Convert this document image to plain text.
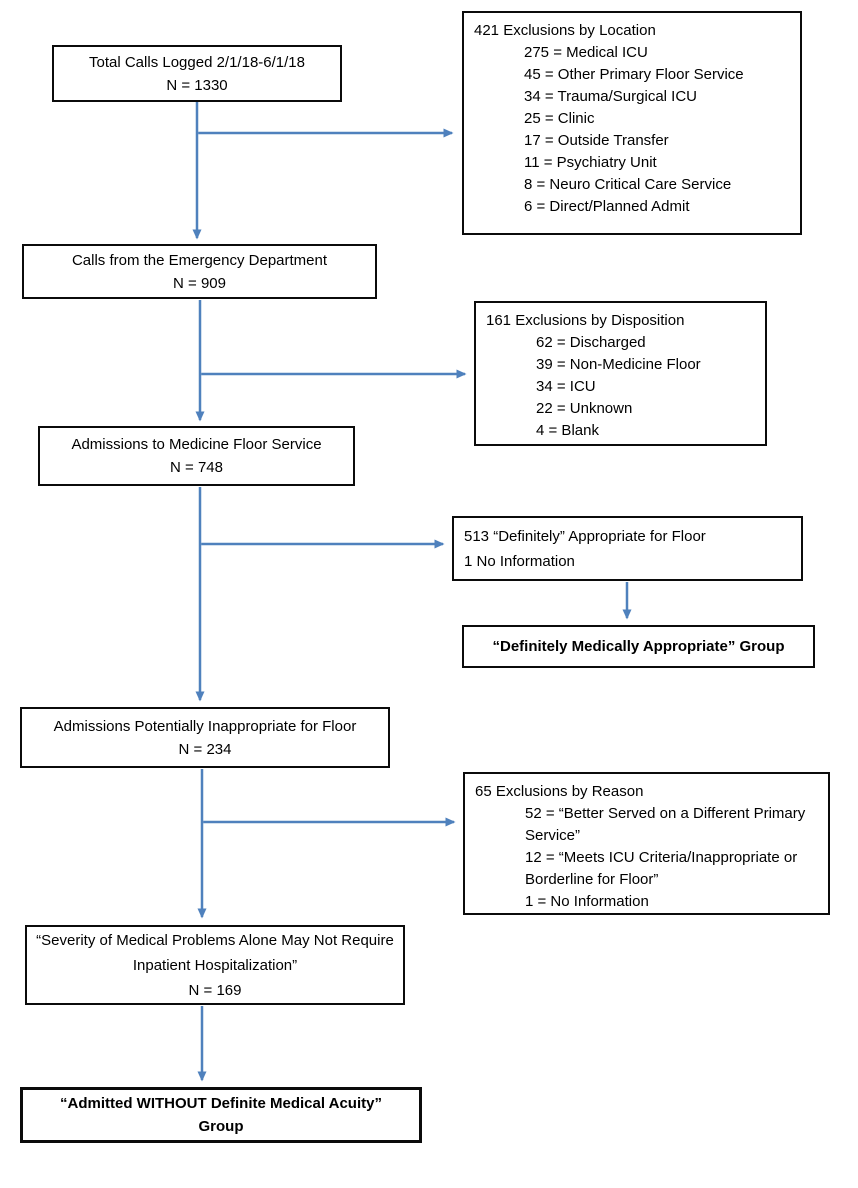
Total Calls Logged 2/1/18-6/1/18
N = 1330
Calls from the Emergency Department
N = 909
Admissions to Medicine Floor Service
N = 748
Admissions Potentially Inappropriate for Floor
N = 234
“Severity of Medical Problems Alone May Not Require Inpatient Hospitalization”
N = 169
“Admitted WITHOUT Definite Medical Acuity”
Group
421 Exclusions by Location
275 = Medical ICU
45 = Other Primary Floor Service
34 = Trauma/Surgical ICU
25 = Clinic
17 = Outside Transfer
11 = Psychiatry Unit
8 = Neuro Critical Care Service
6 = Direct/Planned Admit
161 Exclusions by Disposition
62 = Discharged
39 = Non-Medicine Floor
34 = ICU
22 = Unknown
4 = Blank
513 “Definitely” Appropriate for Floor
1 No Information
“Definitely Medically Appropriate” Group
65 Exclusions by Reason
52 = “Better Served on a Different Primary Service”
12 = “Meets ICU Criteria/Inappropriate or Borderline for Floor”
1 = No Information
